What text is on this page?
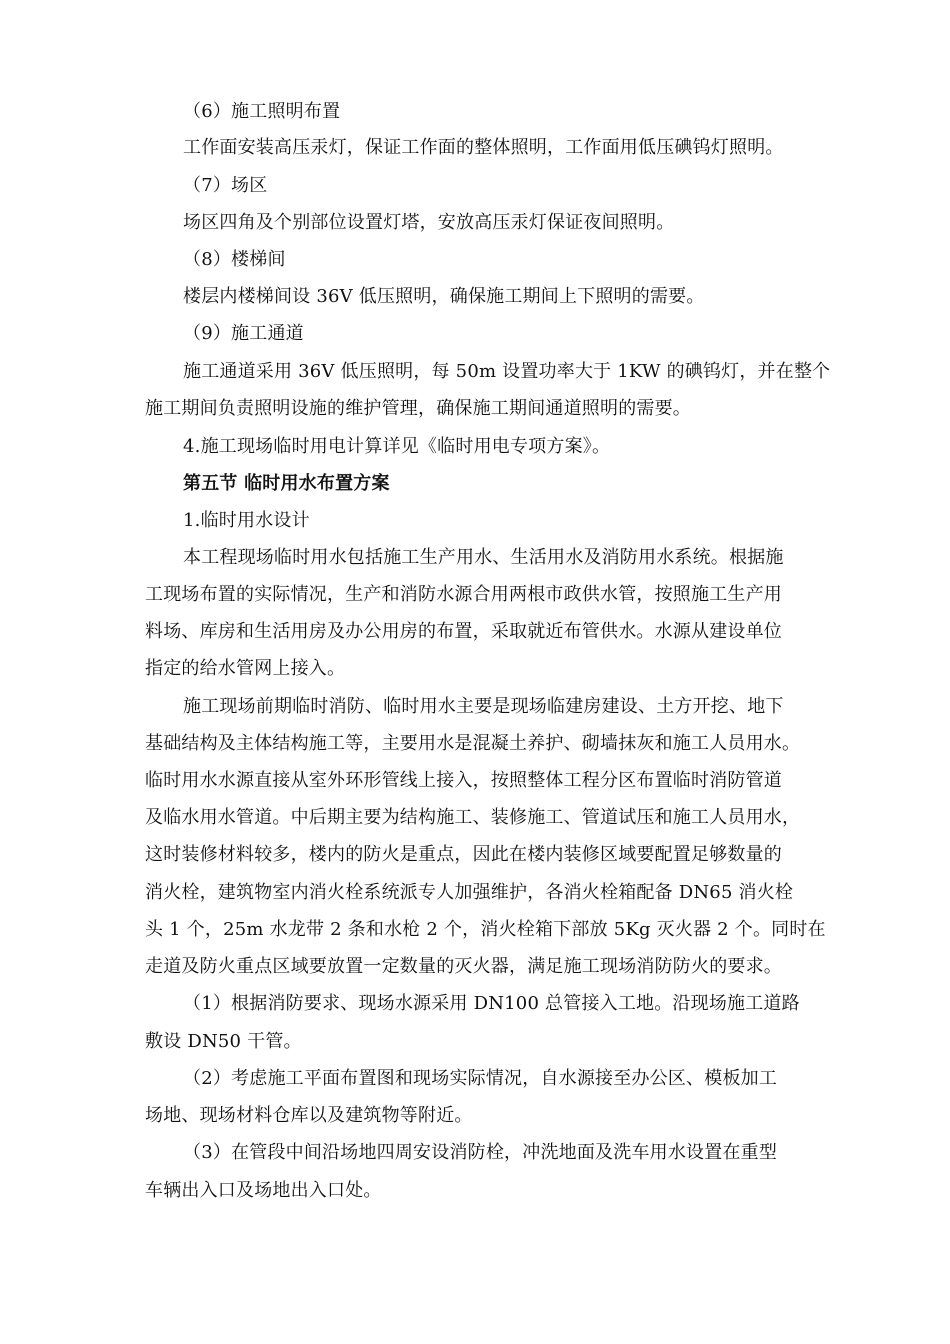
（6）施工照明布置
工作面安装高压汞灯，保证工作面的整体照明，工作面用低压碘钨灯照明。
（7）场区
场区四角及个别部位设置灯塔，安放高压汞灯保证夜间照明。
（8）楼梯间
楼层内楼梯间设 36V 低压照明，确保施工期间上下照明的需要。
（9）施工通道
施工通道采用 36V 低压照明，每 50m 设置功率大于 1KW 的碘钨灯，并在整个
施工期间负责照明设施的维护管理，确保施工期间通道照明的需要。
4.施工现场临时用电计算详见《临时用电专项方案》。
第五节 临时用水布置方案
1.临时用水设计
本工程现场临时用水包括施工生产用水、生活用水及消防用水系统。根据施
工现场布置的实际情况，生产和消防水源合用两根市政供水管，按照施工生产用
料场、库房和生活用房及办公用房的布置，采取就近布管供水。水源从建设单位
指定的给水管网上接入。
施工现场前期临时消防、临时用水主要是现场临建房建设、土方开挖、地下
基础结构及主体结构施工等，主要用水是混凝土养护、砌墙抹灰和施工人员用水。
临时用水水源直接从室外环形管线上接入，按照整体工程分区布置临时消防管道
及临水用水管道。中后期主要为结构施工、装修施工、管道试压和施工人员用水，
这时装修材料较多，楼内的防火是重点，因此在楼内装修区域要配置足够数量的
消火栓，建筑物室内消火栓系统派专人加强维护，各消火栓箱配备 DN65 消火栓
头 1 个，25m 水龙带 2 条和水枪 2 个，消火栓箱下部放 5Kg 灭火器 2 个。同时在
走道及防火重点区域要放置一定数量的灭火器，满足施工现场消防防火的要求。
（1）根据消防要求、现场水源采用 DN100 总管接入工地。沿现场施工道路
敷设 DN50 干管。
（2）考虑施工平面布置图和现场实际情况，自水源接至办公区、模板加工
场地、现场材料仓库以及建筑物等附近。
（3）在管段中间沿场地四周安设消防栓，冲洗地面及洗车用水设置在重型
车辆出入口及场地出入口处。
